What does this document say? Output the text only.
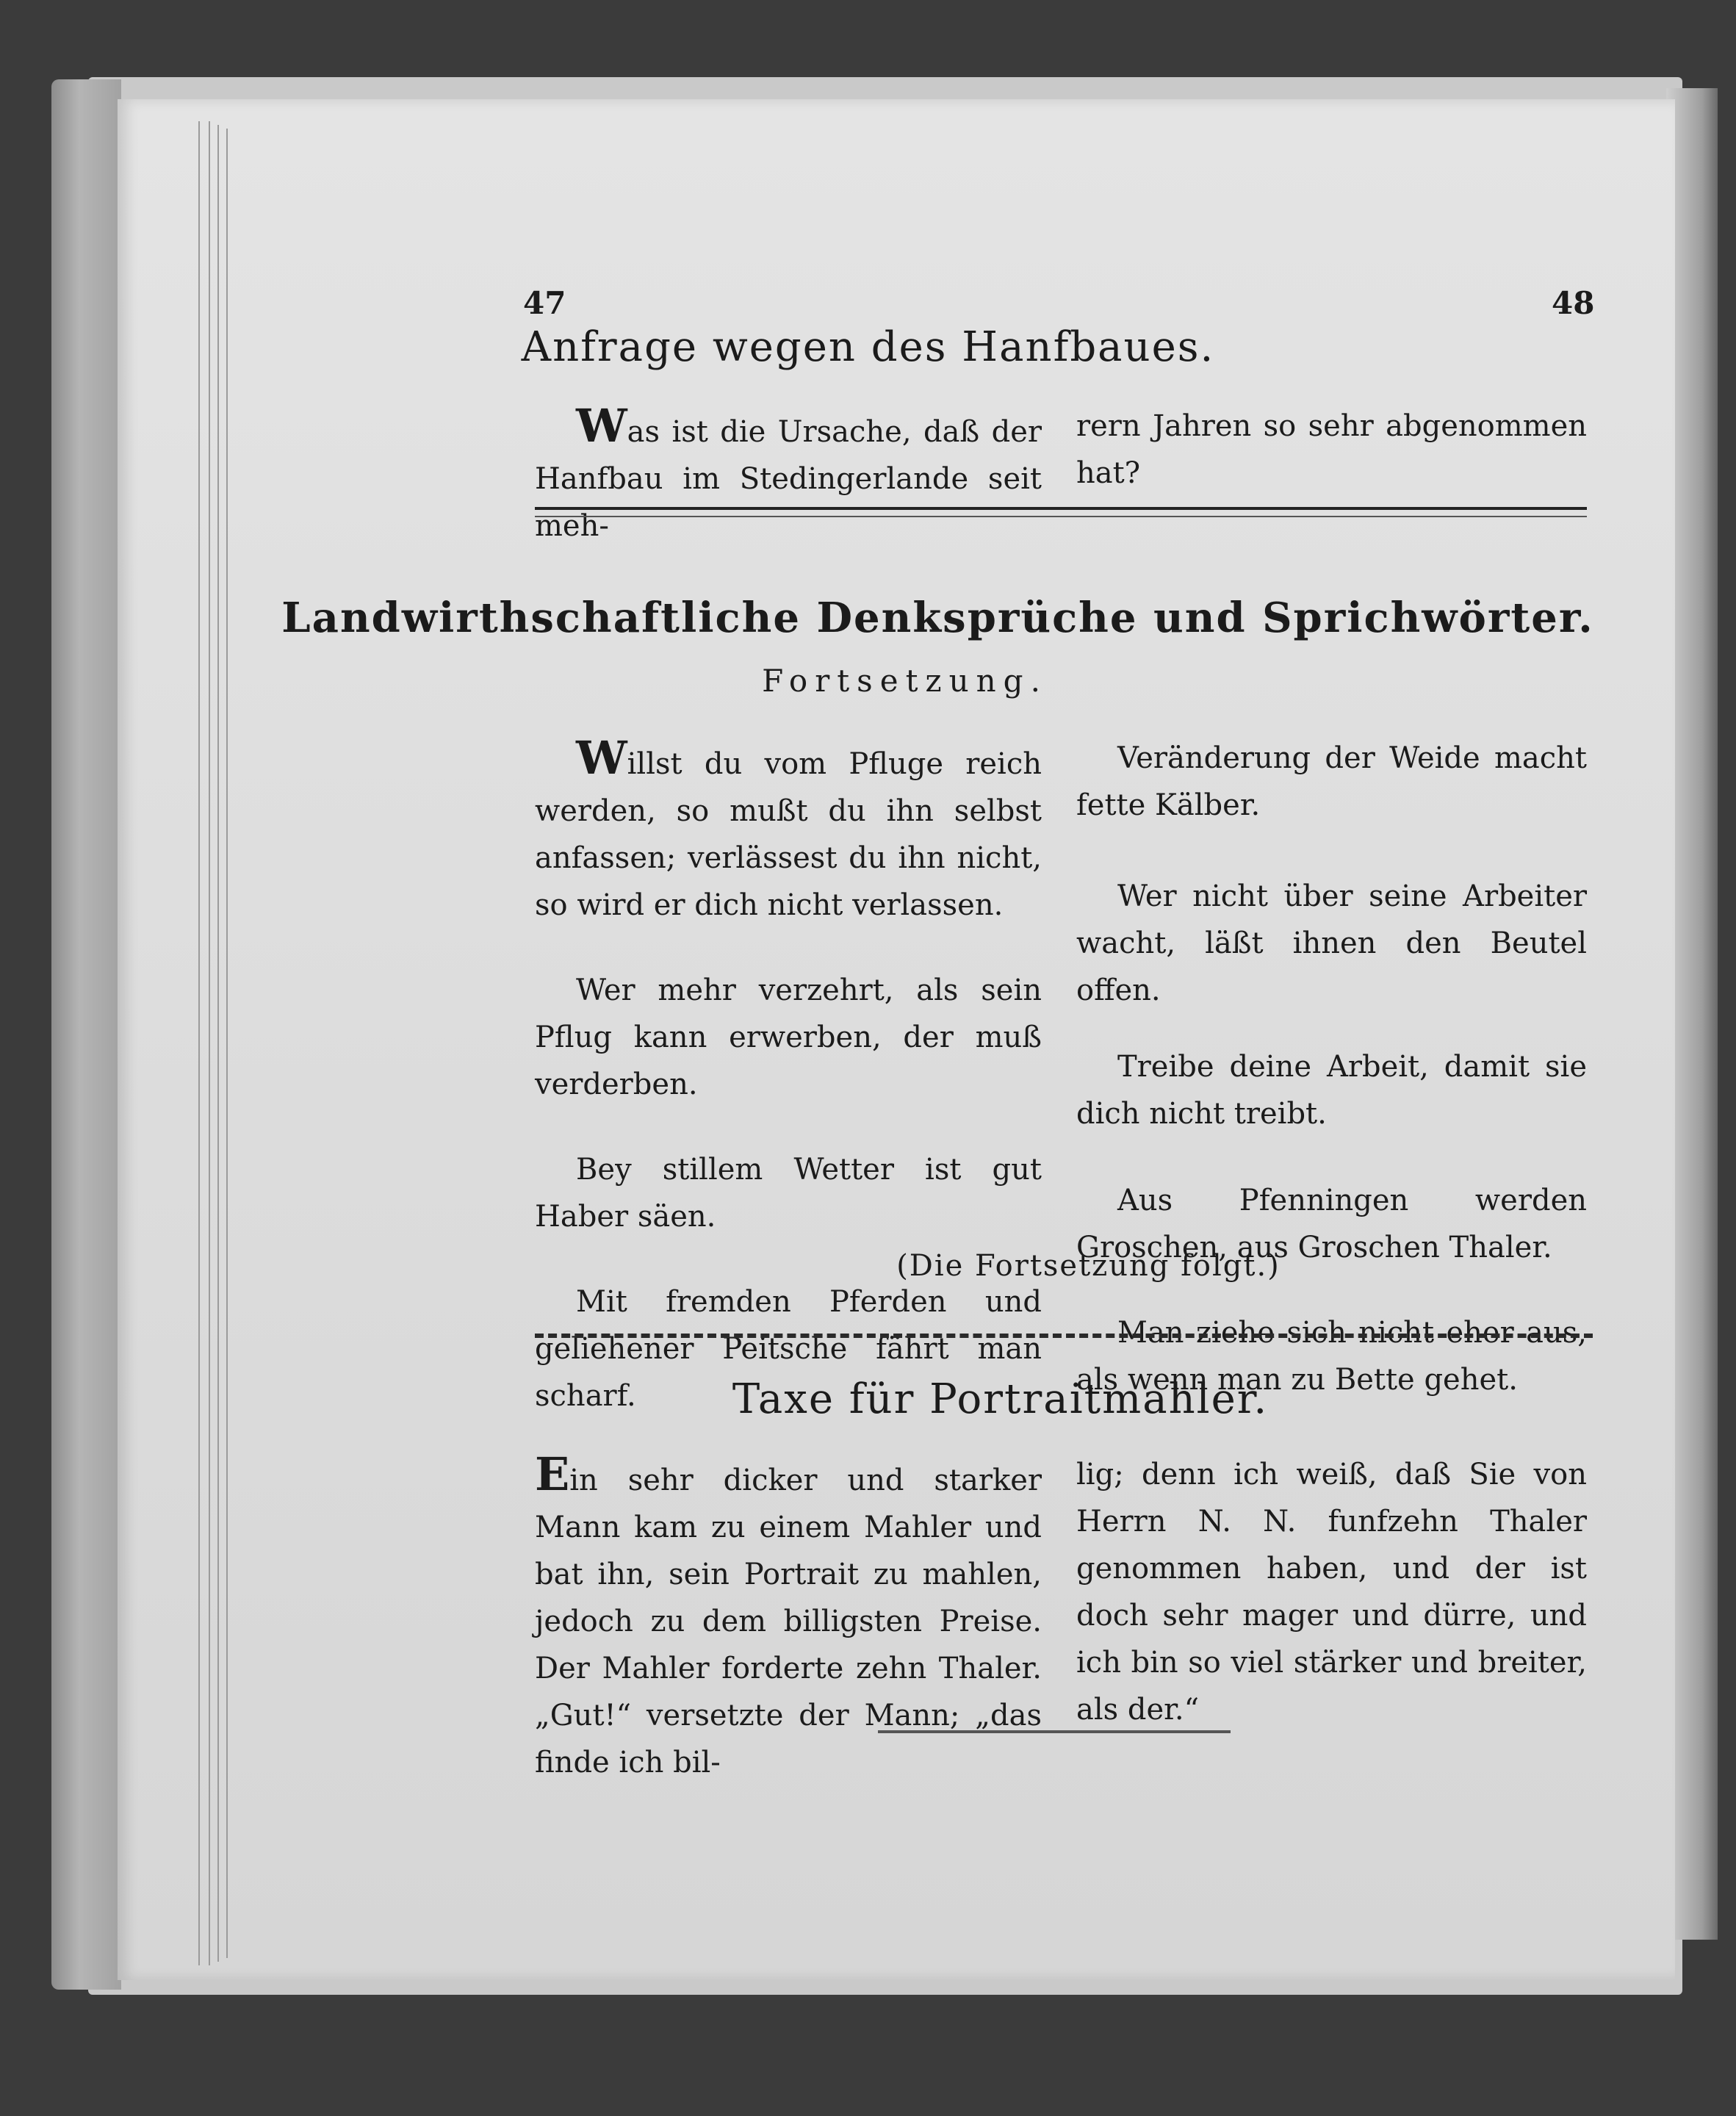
47	48
Anfrage wegen des Hanfbaues.

Was ist die Ursache, daß der Hanfbau im Stedingerlande seit meh-

rern Jahren so sehr abgenommen hat?

Landwirthschaftliche Denksprüche und Sprichwörter.
Fortsetzung.

Willst du vom Pfluge reich werden, so mußt du ihn selbst anfassen; verlässest du ihn nicht, so wird er dich nicht verlassen.

Wer mehr verzehrt, als sein Pflug kann erwerben, der muß verderben.

Bey stillem Wetter ist gut Haber säen.

Mit fremden Pferden und geliehener Peitsche fährt man scharf.

Veränderung der Weide macht fette Kälber.

Wer nicht über seine Arbeiter wacht, läßt ihnen den Beutel offen.

Treibe deine Arbeit, damit sie dich nicht treibt.

Aus Pfenningen werden Groschen, aus Groschen Thaler.

Man ziehe sich nicht eher aus, als wenn man zu Bette gehet.

(Die Fortsetzung folgt.)
Taxe für Portraitmahler.

Ein sehr dicker und starker Mann kam zu einem Mahler und bat ihn, sein Portrait zu mahlen, jedoch zu dem billigsten Preise. Der Mahler forderte zehn Thaler. „Gut!“ versetzte der Mann; „das finde ich bil-

lig; denn ich weiß, daß Sie von Herrn N. N. funfzehn Thaler genommen haben, und der ist doch sehr mager und dürre, und ich bin so viel stärker und breiter, als der.“
